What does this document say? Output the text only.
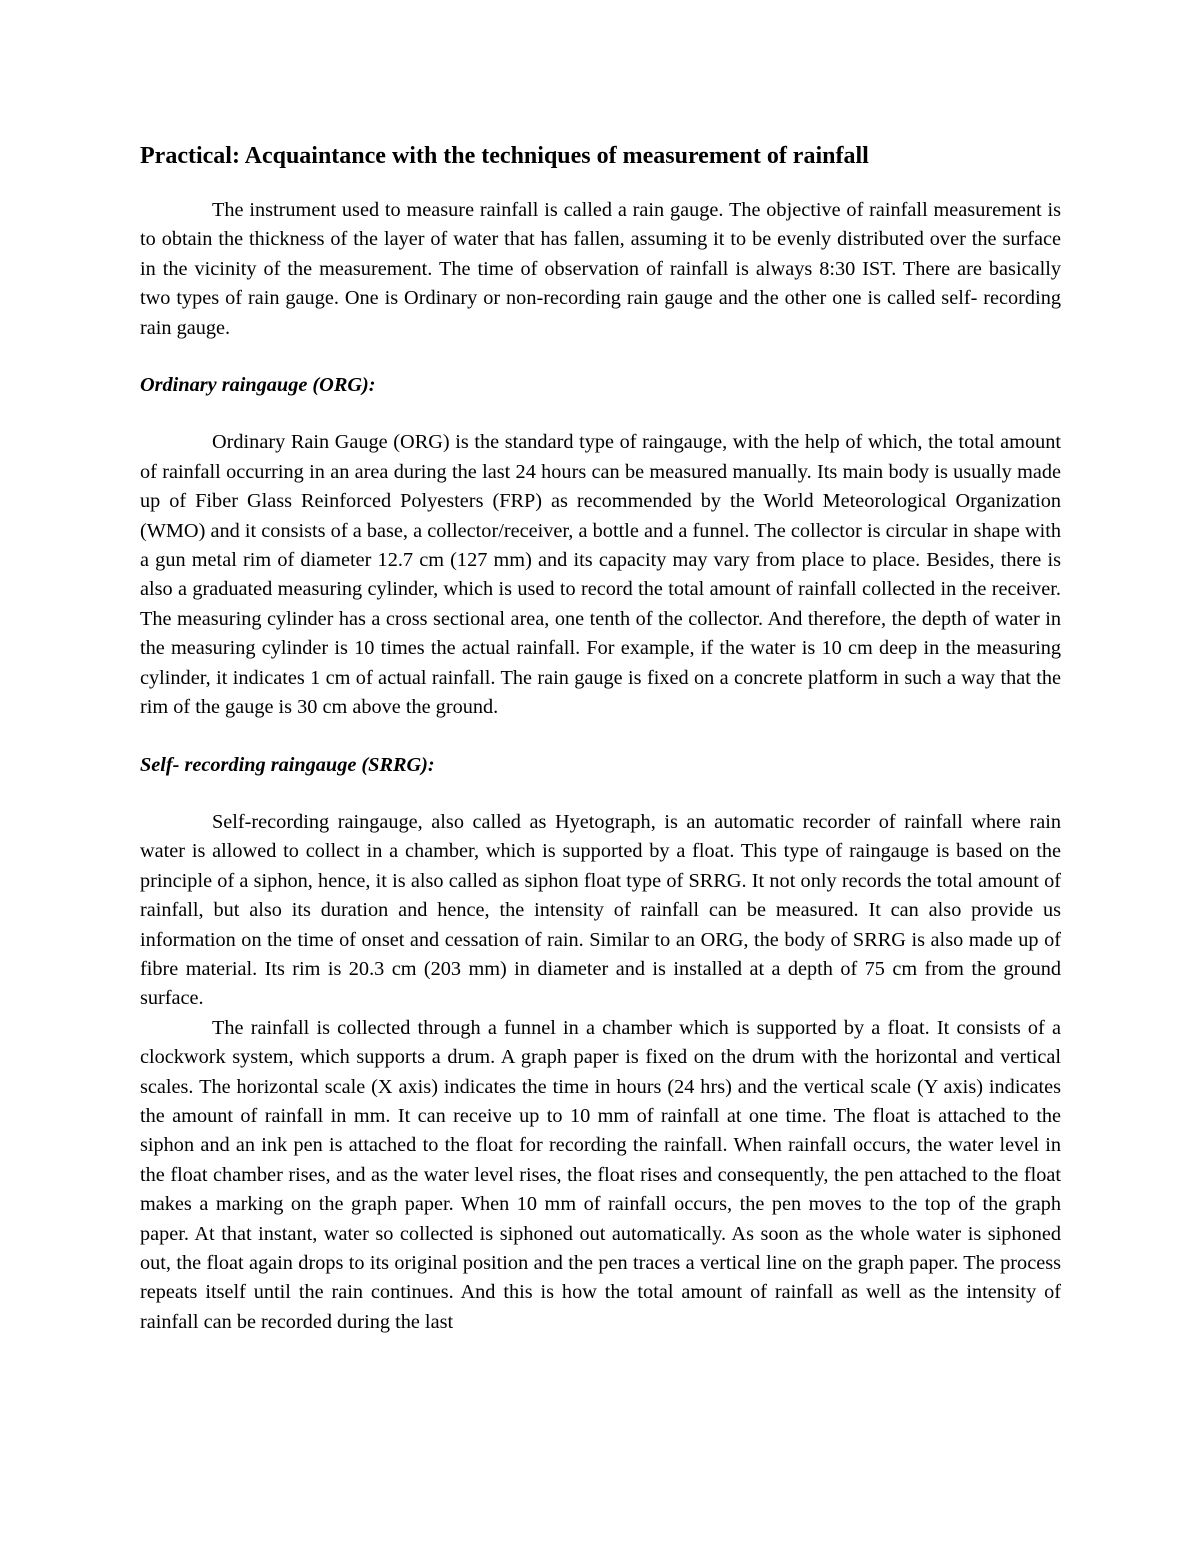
Practical: Acquaintance with the techniques of measurement of rainfall

The instrument used to measure rainfall is called a rain gauge. The objective of rainfall measurement is to obtain the thickness of the layer of water that has fallen, assuming it to be evenly distributed over the surface in the vicinity of the measurement. The time of observation of rainfall is always 8:30 IST. There are basically two types of rain gauge. One is Ordinary or non-recording rain gauge and the other one is called self- recording rain gauge.

Ordinary raingauge (ORG):

Ordinary Rain Gauge (ORG) is the standard type of raingauge, with the help of which, the total amount of rainfall occurring in an area during the last 24 hours can be measured manually. Its main body is usually made up of Fiber Glass Reinforced Polyesters (FRP) as recommended by the World Meteorological Organization (WMO) and it consists of a base, a collector/receiver, a bottle and a funnel. The collector is circular in shape with a gun metal rim of diameter 12.7 cm (127 mm) and its capacity may vary from place to place. Besides, there is also a graduated measuring cylinder, which is used to record the total amount of rainfall collected in the receiver. The measuring cylinder has a cross sectional area, one tenth of the collector. And therefore, the depth of water in the measuring cylinder is 10 times the actual rainfall. For example, if the water is 10 cm deep in the measuring cylinder, it indicates 1 cm of actual rainfall. The rain gauge is fixed on a concrete platform in such a way that the rim of the gauge is 30 cm above the ground.

Self- recording raingauge (SRRG):

Self-recording raingauge, also called as Hyetograph, is an automatic recorder of rainfall where rain water is allowed to collect in a chamber, which is supported by a float. This type of raingauge is based on the principle of a siphon, hence, it is also called as siphon float type of SRRG. It not only records the total amount of rainfall, but also its duration and hence, the intensity of rainfall can be measured. It can also provide us information on the time of onset and cessation of rain. Similar to an ORG, the body of SRRG is also made up of fibre material. Its rim is 20.3 cm (203 mm) in diameter and is installed at a depth of 75 cm from the ground surface.

The rainfall is collected through a funnel in a chamber which is supported by a float. It consists of a clockwork system, which supports a drum. A graph paper is fixed on the drum with the horizontal and vertical scales. The horizontal scale (X axis) indicates the time in hours (24 hrs) and the vertical scale (Y axis) indicates the amount of rainfall in mm. It can receive up to 10 mm of rainfall at one time. The float is attached to the siphon and an ink pen is attached to the float for recording the rainfall. When rainfall occurs, the water level in the float chamber rises, and as the water level rises, the float rises and consequently, the pen attached to the float makes a marking on the graph paper. When 10 mm of rainfall occurs, the pen moves to the top of the graph paper. At that instant, water so collected is siphoned out automatically. As soon as the whole water is siphoned out, the float again drops to its original position and the pen traces a vertical line on the graph paper. The process repeats itself until the rain continues. And this is how the total amount of rainfall as well as the intensity of rainfall can be recorded during the last
